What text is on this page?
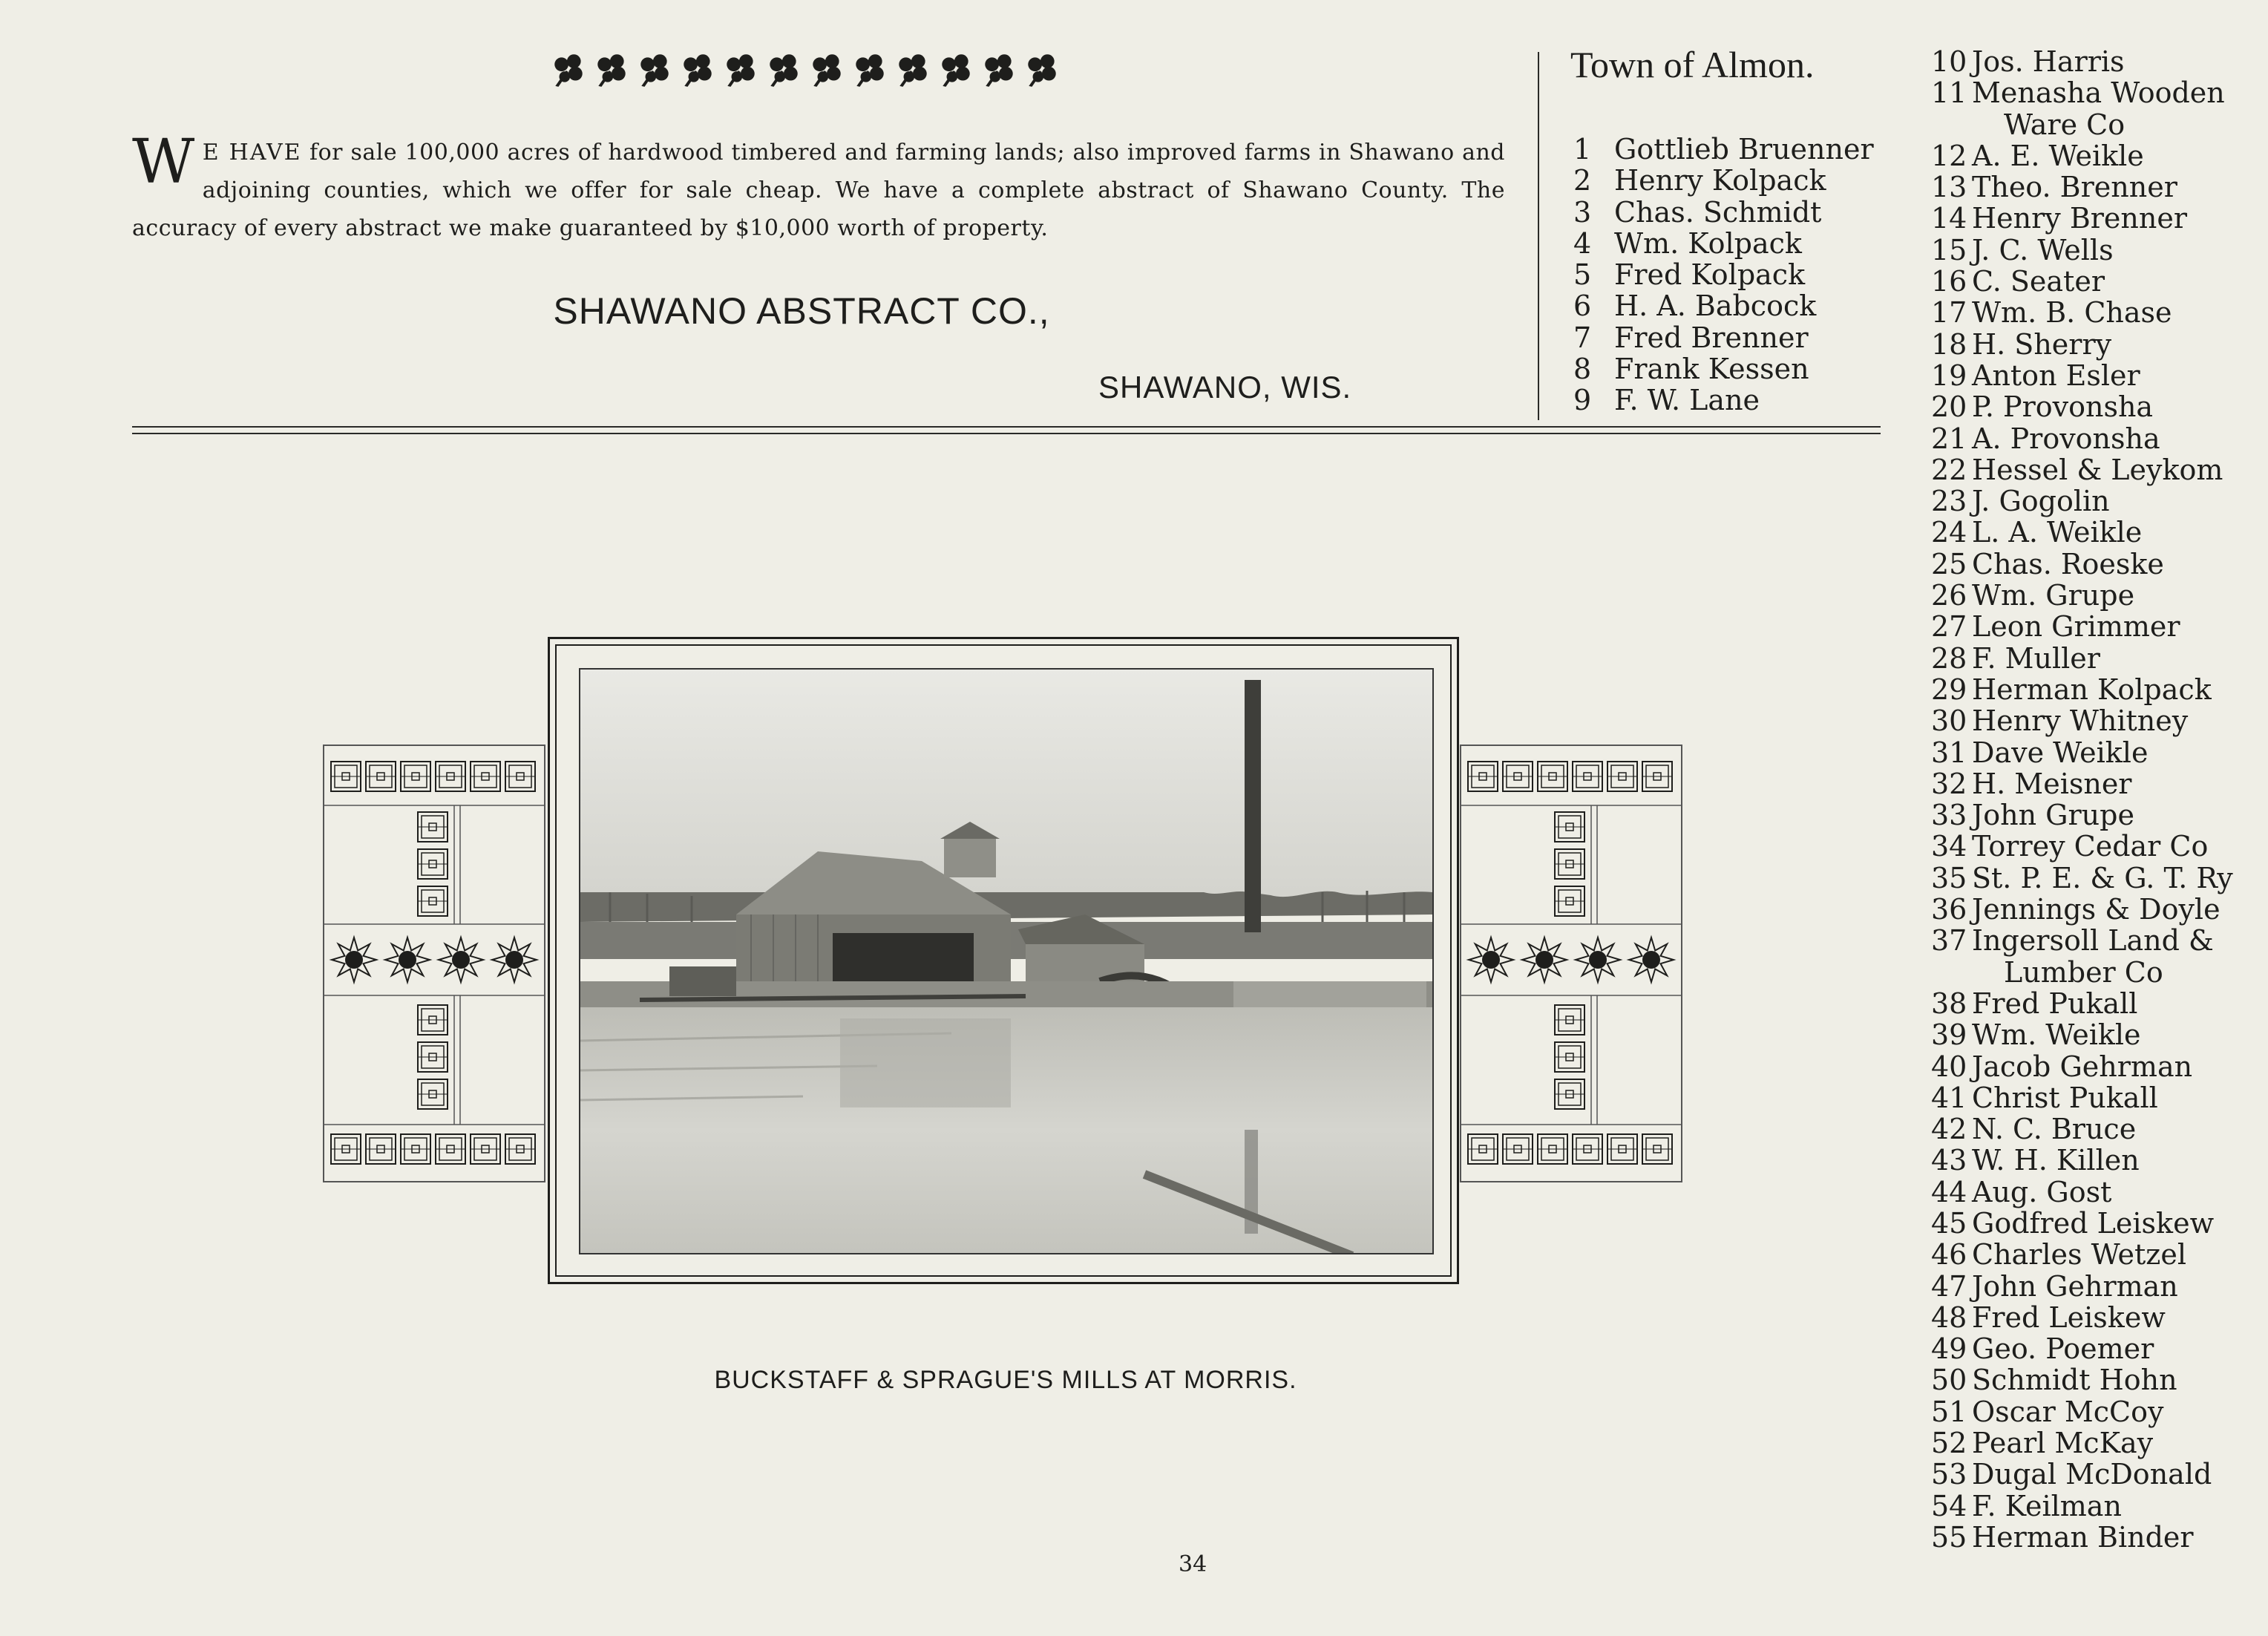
W E HAVE for sale 100,000 acres of hardwood timbered and farming lands; also improved farms in Shawano and adjoining counties, which we offer for sale cheap. We have a complete abstract of Shawano County. The accuracy of every abstract we make guaranteed by $10,000 worth of property.
SHAWANO ABSTRACT CO.,
SHAWANO, WIS.
Town of Almon.
1 Gottlieb Bruenner
2 Henry Kolpack
3 Chas. Schmidt
4 Wm. Kolpack
5 Fred Kolpack
6 H. A. Babcock
7 Fred Brenner
8 Frank Kessen
9 F. W. Lane
10 Jos. Harris
11 Menasha Wooden
Ware Co
12 A. E. Weikle
13 Theo. Brenner
14 Henry Brenner
15 J. C. Wells
16 C. Seater
17 Wm. B. Chase
18 H. Sherry
19 Anton Esler
20 P. Provonsha
21 A. Provonsha
22 Hessel & Leykom
23 J. Gogolin
24 L. A. Weikle
25 Chas. Roeske
26 Wm. Grupe
27 Leon Grimmer
28 F. Muller
29 Herman Kolpack
30 Henry Whitney
31 Dave Weikle
32 H. Meisner
33 John Grupe
34 Torrey Cedar Co
35 St. P. E. & G. T. Ry
36 Jennings & Doyle
37 Ingersoll Land &
Lumber Co
38 Fred Pukall
39 Wm. Weikle
40 Jacob Gehrman
41 Christ Pukall
42 N. C. Bruce
43 W. H. Killen
44 Aug. Gost
45 Godfred Leiskew
46 Charles Wetzel
47 John Gehrman
48 Fred Leiskew
49 Geo. Poemer
50 Schmidt Hohn
51 Oscar McCoy
52 Pearl McKay
53 Dugal McDonald
54 F. Keilman
55 Herman Binder
BUCKSTAFF & SPRAGUE'S MILLS AT MORRIS.
34
